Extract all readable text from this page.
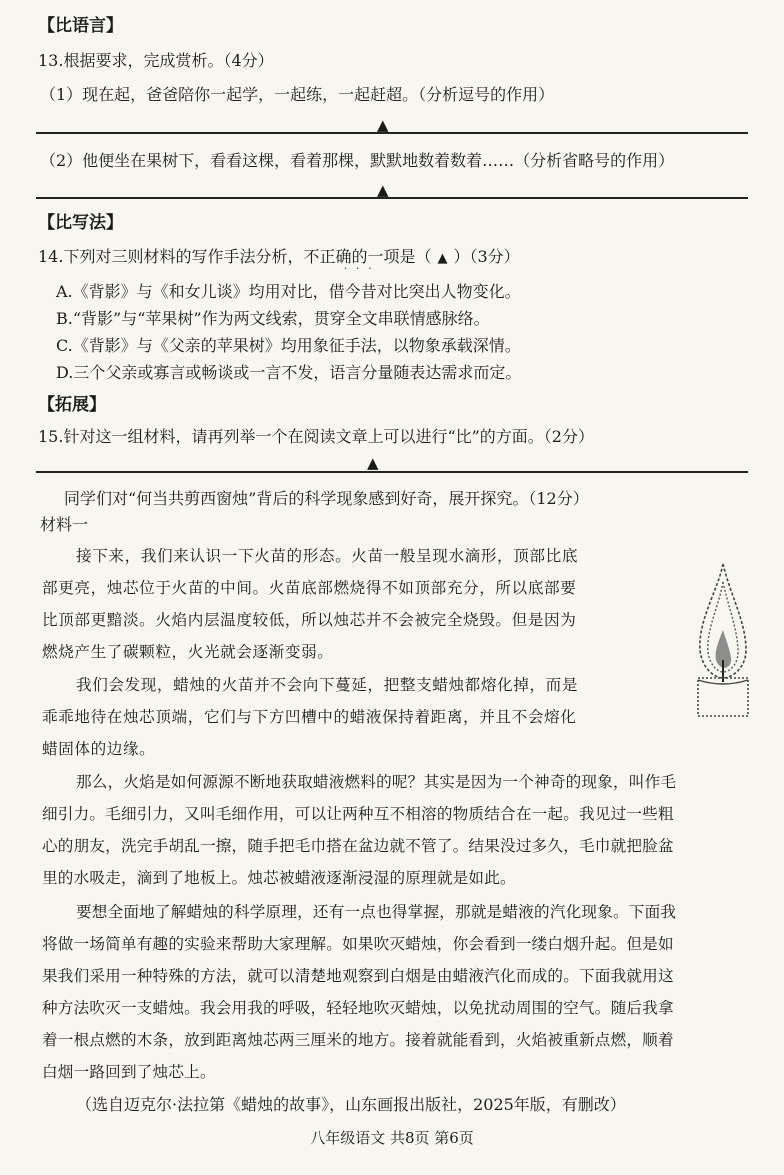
【比语言】
13.根据要求，完成赏析。（4分）
（1）现在起，爸爸陪你一起学，一起练，一起赶超。（分析逗号的作用）
▲
（2）他便坐在果树下，看看这棵，看着那棵，默默地数着数着……（分析省略号的作用）
▲
【比写法】
14.下列对三则材料的写作手法分析，不正确的一项是（ ▲ ）（3分）
···
A.《背影》与《和女儿谈》均用对比，借今昔对比突出人物变化。
B.“背影”与“苹果树”作为两文线索，贯穿全文串联情感脉络。
C.《背影》与《父亲的苹果树》均用象征手法，以物象承载深情。
D.三个父亲或寡言或畅谈或一言不发，语言分量随表达需求而定。
【拓展】
15.针对这一组材料，请再列举一个在阅读文章上可以进行“比”的方面。（2分）
▲
同学们对“何当共剪西窗烛”背后的科学现象感到好奇，展开探究。（12分）
材料一
接下来，我们来认识一下火苗的形态。火苗一般呈现水滴形，顶部比底
部更亮，烛芯位于火苗的中间。火苗底部燃烧得不如顶部充分，所以底部要
比顶部更黯淡。火焰内层温度较低，所以烛芯并不会被完全烧毁。但是因为
燃烧产生了碳颗粒，火光就会逐渐变弱。
我们会发现，蜡烛的火苗并不会向下蔓延，把整支蜡烛都熔化掉，而是
乖乖地待在烛芯顶端，它们与下方凹槽中的蜡液保持着距离，并且不会熔化
蜡固体的边缘。
那么，火焰是如何源源不断地获取蜡液燃料的呢？其实是因为一个神奇的现象，叫作毛
细引力。毛细引力，又叫毛细作用，可以让两种互不相溶的物质结合在一起。我见过一些粗
心的朋友，洗完手胡乱一擦，随手把毛巾搭在盆边就不管了。结果没过多久，毛巾就把脸盆
里的水吸走，滴到了地板上。烛芯被蜡液逐渐浸湿的原理就是如此。
要想全面地了解蜡烛的科学原理，还有一点也得掌握，那就是蜡液的汽化现象。下面我
将做一场简单有趣的实验来帮助大家理解。如果吹灭蜡烛，你会看到一缕白烟升起。但是如
果我们采用一种特殊的方法，就可以清楚地观察到白烟是由蜡液汽化而成的。下面我就用这
种方法吹灭一支蜡烛。我会用我的呼吸，轻轻地吹灭蜡烛，以免扰动周围的空气。随后我拿
着一根点燃的木条，放到距离烛芯两三厘米的地方。接着就能看到，火焰被重新点燃，顺着
白烟一路回到了烛芯上。
（选自迈克尔·法拉第《蜡烛的故事》，山东画报出版社，2025年版，有删改）
八年级语文 共8页 第6页
